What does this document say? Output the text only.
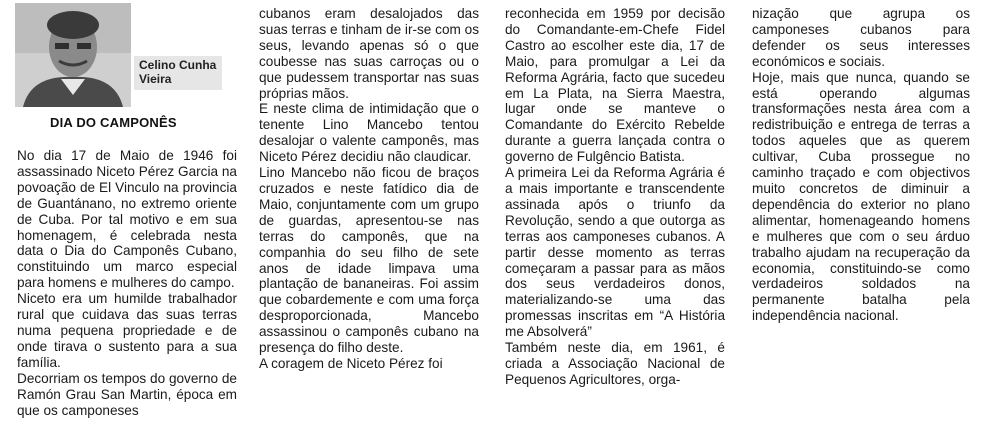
Celino Cunha Vieira
DIA DO CAMPONÊS

No dia 17 de Maio de 1946 foi assassinado Niceto Pérez Garcia na povoação de El Vinculo na provincia de Guantánano, no extremo oriente de Cuba. Por tal motivo e em sua homenagem, é celebrada nesta data o Dia do Camponês Cubano, constituindo um marco especial para homens e mulheres do campo.

Niceto era um humilde trabalhador rural que cuidava das suas terras numa pequena propriedade e de onde tirava o sustento para a sua família.

Decorriam os tempos do governo de Ramón Grau San Martin, época em que os camponeses

cubanos eram desalojados das suas terras e tinham de ir-se com os seus, levando apenas só o que coubesse nas suas carroças ou o que pudessem transportar nas suas próprias mãos.

E neste clima de intimidação que o tenente Lino Mancebo tentou desalojar o valente camponês, mas Niceto Pérez decidiu não claudicar.

Lino Mancebo não ficou de braços cruzados e neste fatídico dia de Maio, conjuntamente com um grupo de guardas, apresentou-se nas terras do camponês, que na companhia do seu filho de sete anos de idade limpava uma plantação de bananeiras. Foi assim que cobardemente e com uma força desproporcionada, Mancebo assassinou o camponês cubano na presença do filho deste.

A coragem de Niceto Pérez foi

reconhecida em 1959 por decisão do Comandante-em-Chefe Fidel Castro ao escolher este dia, 17 de Maio, para promulgar a Lei da Reforma Agrária, facto que sucedeu em La Plata, na Sierra Maestra, lugar onde se manteve o Comandante do Exército Rebelde durante a guerra lançada contra o governo de Fulgêncio Batista.

A primeira Lei da Reforma Agrária é a mais importante e transcendente assinada após o triunfo da Revolução, sendo a que outorga as terras aos camponeses cubanos. A partir desse momento as terras começaram a passar para as mãos dos seus verdadeiros donos, materializando-se uma das promessas inscritas em “A História me Absolverá”

Também neste dia, em 1961, é criada a Associação Nacional de Pequenos Agricultores, orga-

nização que agrupa os camponeses cubanos para defender os seus interesses económicos e sociais.

Hoje, mais que nunca, quando se está operando algumas transformações nesta área com a redistribuição e entrega de terras a todos aqueles que as querem cultivar, Cuba prossegue no caminho traçado e com objectivos muito concretos de diminuir a dependência do exterior no plano alimentar, homenageando homens e mulheres que com o seu árduo trabalho ajudam na recuperação da economia, constituindo-se como verdadeiros soldados na permanente batalha pela independência nacional.
